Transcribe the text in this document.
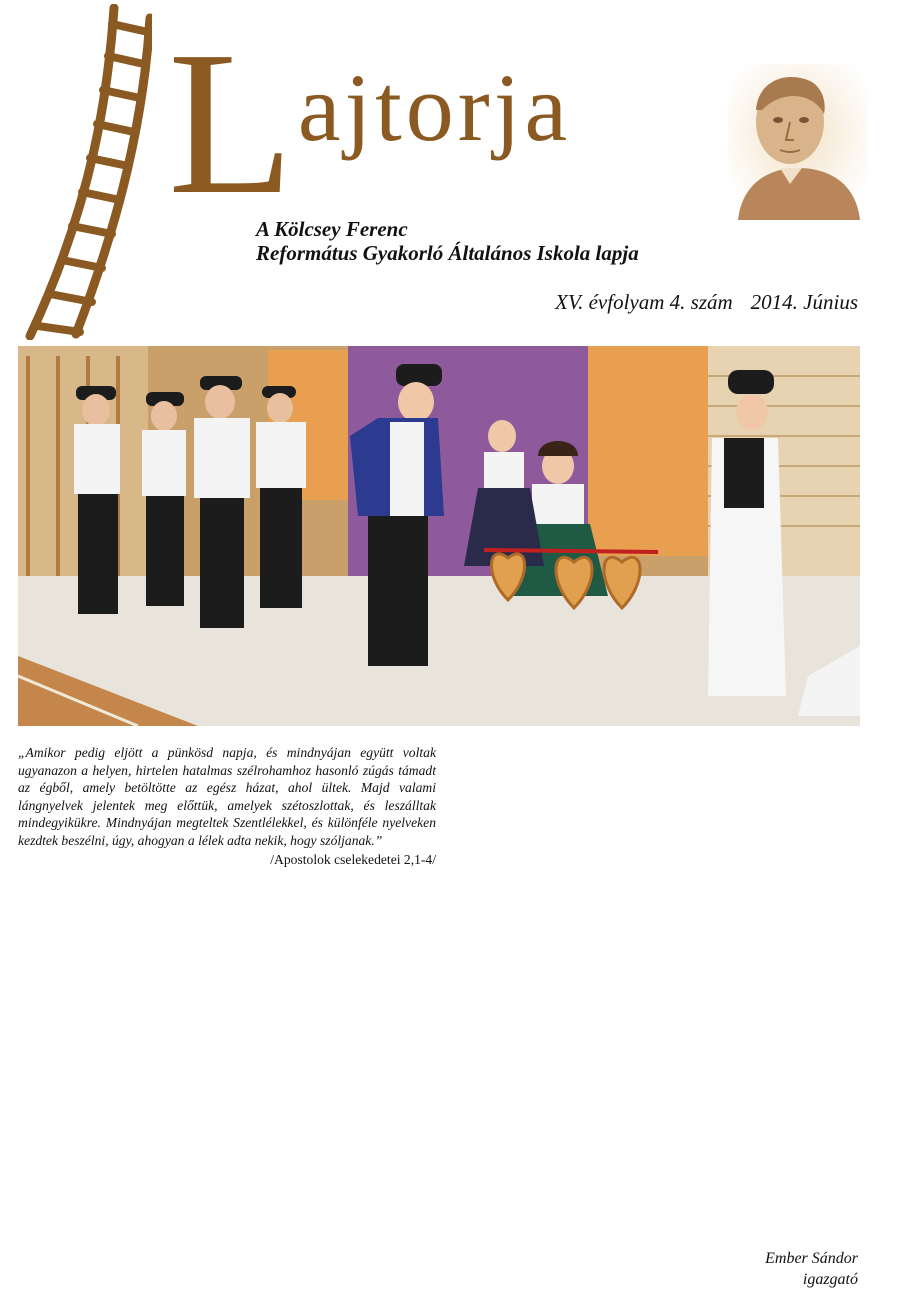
Lajtorja
A Kölcsey Ferenc
Református Gyakorló Általános Iskola lapja
XV. évfolyam 4. szám 2014. Június

„Amikor pedig eljött a pünkösd napja, és mindnyájan együtt voltak ugyanazon a helyen, hirtelen hatalmas szélrohamhoz hasonló zúgás támadt az égből, amely betöltötte az egész házat, ahol ültek. Majd valami lángnyelvek jelentek meg előttük, amelyek szétoszlottak, és leszálltak mindegyikükre. Mindnyájan megteltek Szentlélekkel, és különféle nyelveken kezdtek beszélni, úgy, ahogyan a lélek adta nekik, hogy szóljanak.”

/Apostolok cselekedetei 2,1-4/

Ember Sándor
igazgató
